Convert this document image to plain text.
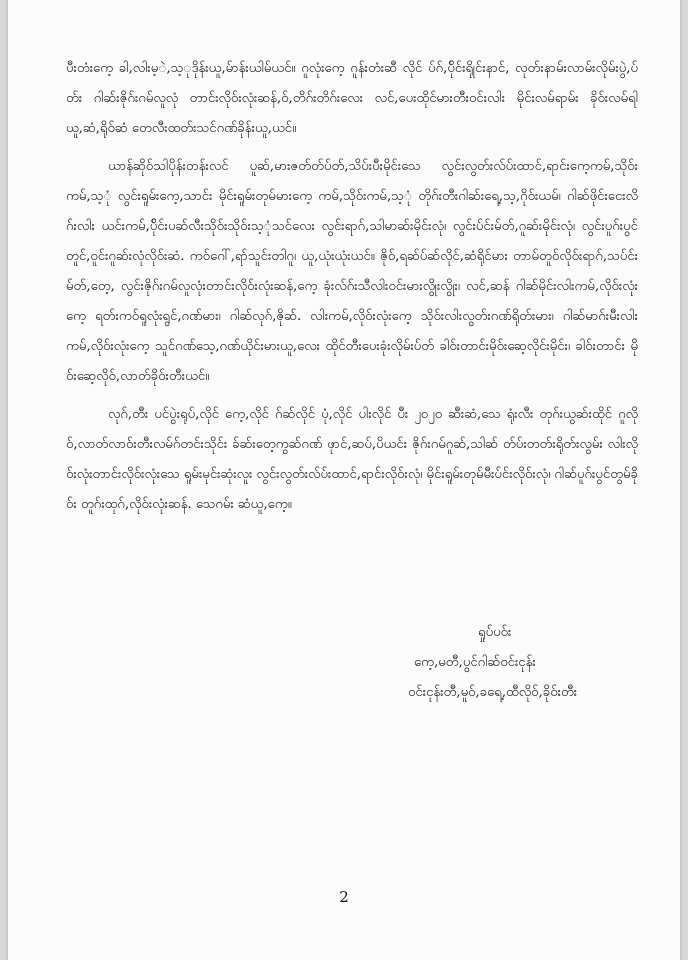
ပီးတံးကေ့ ခါ,လါးမ့ဲ,သ့ုဒိုန်းယူ,မ်ာန်းယါမ်ယင်။ ဂူလုံးကေ့ ဂူန်းတံးဆီ လိုင် ပ်ဂ်,ပ်ိုင်းရိုုင်းနာင်, လုတ်းနာမ်းလာမ်းလိုမ်းပွဲ,ပ်တ်း ဂါဆ်းဇိုဂ်းဂမ်လူလုံ တာင်းလိုဝ်းလုံးဆန်,ဝ်,တိဂ်းတိဂ်းလေး လင်,ပေးထိုင်မားတီးဝင်းလါး မိုင်းလမ်ရာမ်း ခိုဝ်းလမ်ရါယူ,ဆံ,ရိုဝ်ဆံ တေလီးထတ်းသင်ဂဏ်ခိုန်းယူ,ယင်။

ယာန်ဆိုဝ်သါပိုန်းဝာန်းလင် ပူဆ်,မားဇတ်တ်ပ်တ်,သိပ်းပီးမိုင်းသေ လွင်းလွတ်းလ်ပ်းထာင်,ရာင်းကေ့ကမ်,သိုဝ်းကမ်,သ့ုံ လွင်းရူမ်းကေ့,သာင်း မိုင်းရူမ်းတုမ်မားကေ့ ကမ်,သိုဝ်းကမ်,သ့ုံ တိုဂ်းတီးဂါဆ်းရေ့,သ့,ဂိုဝ်းယမ်၊ ဂါဆ်ဖိုင်းငေးလိဂ်းလါး ယင်းကမ်,ပ်ိုင်းပဆ်လီးသိုဝ်းသိုဝ်းသ့ုံသင်လေး လွင်းရာဂ်,သါမာဆ်းမိုင်းလုံ၊ လွင်းပ်င်းမ်တ်,ဂူဆ်းမိုင်းလုံ၊ လွင်းပူဂ်းပွင်တူင်,ဝူင်းဂူဆ်းလုံလိုဝ်းဆံ. ကဝ်ဂေါ်,ရာ်သူင်းတါဂူ၊ ယူ,ယုံးယုံးယင်။ ဇိုဝ်,ရဆ်ပ်ဆ်လိုင်,ဆံရိုင်မား တာမ်တူဝ်လိုဝ်းရာဂ်,သပ်င်းမ်တ်,တေ့, လွင်းဇိုဂ်းဂမ်လူလုံးတာင်းလိုဝ်းလုံးဆန်,ကေ့ ခုံးလ်ဂ်းသီလါးဝင်းမားလွိုးလွိုး၊ လင်,ဆန် ဂါဆ်မိုင်းလါးကမ်,လိုဝ်းလုံးကေ့ ရတ်းကဝ်ရူလုံးရွင်,ဂဏ်မား၊ ဂါဆ်လုဂ်,ဇိုဆ်. လါးကမ်,လိုဝ်းလုံးကေ့ သိုဝ်းလါးလွတ်းဂဏ်ရိုတ်းမား၊ ဂါဆ်မာဂ်းမီးလါးကမ်,လိုဝ်းလုံးကေ့ သူင်ဂဏ်သေ့,ဂဏ်ယိုင်းမားယူ,လေး ထိုင်တီးပေးခုံးလိုမ်းပ်တ် ခါဝ်းတာင်းမိုဝ်းဆေ့လိုင်းမိုင်း၊ ခါဝ်းတာင်း မိုဝ်းဆေ့လိုဝ်,လာတ်ခိုဝ်းတီးယင်။

လုဂ်,တီး ပင်ပွဲးရုပ်,လိုင် ကေ့,လိုင် ဂ်ဆ်လိုင် ပုံ,လိုင် ပါးလိုင် ပီး ၂၀၂၀ ဆီးဆံ,သေ ရုံးလီး တုဂ်းယွဆ်းထိုင် ဂူလိုဝ်,လာတ်လာဝ်းတီးလမ်ဂ်တင်းသိုင်း ခ်ဆ်းတေ့ကွဆ်ဂဏ် ဖုာင်,ဆပ်,ပိယင်း ဇိုဂ်းဂမ်ဂူဆ်,သါဆ် တ်ပ်းတတ်းရိုတ်းလွမ်း လါးလိုဝ်းလုံးတာင်းလိုဝ်းလုံးသေ ရူမ်းမုင်းဆုံးလူး လွင်းလွတ်းလ်ပ်းထာင်,ရာင်းလိုဝ်းလုံ၊ မိုင်းရူမ်းတုမ်မီးပ်င်းလိုဝ်းလုံ၊ ဂါဆ်ပူဂ်းပွင်တွမ်ခိုဝ်း တူဂ်းထုဂ်,လိုဝ်းလုံးဆန်. သေဂမ်း ဆံယူ,ကေ့။

ရှုပ်ပဝ်း
ကေ့,မတီ,ပွင်ဂါဆ်ဝင်းငုန်း
ဝင်းငုန်းတီ,မူဝ်,ခရေ့,ထီလိုဝ်,ခိုဝ်းတီး
2
